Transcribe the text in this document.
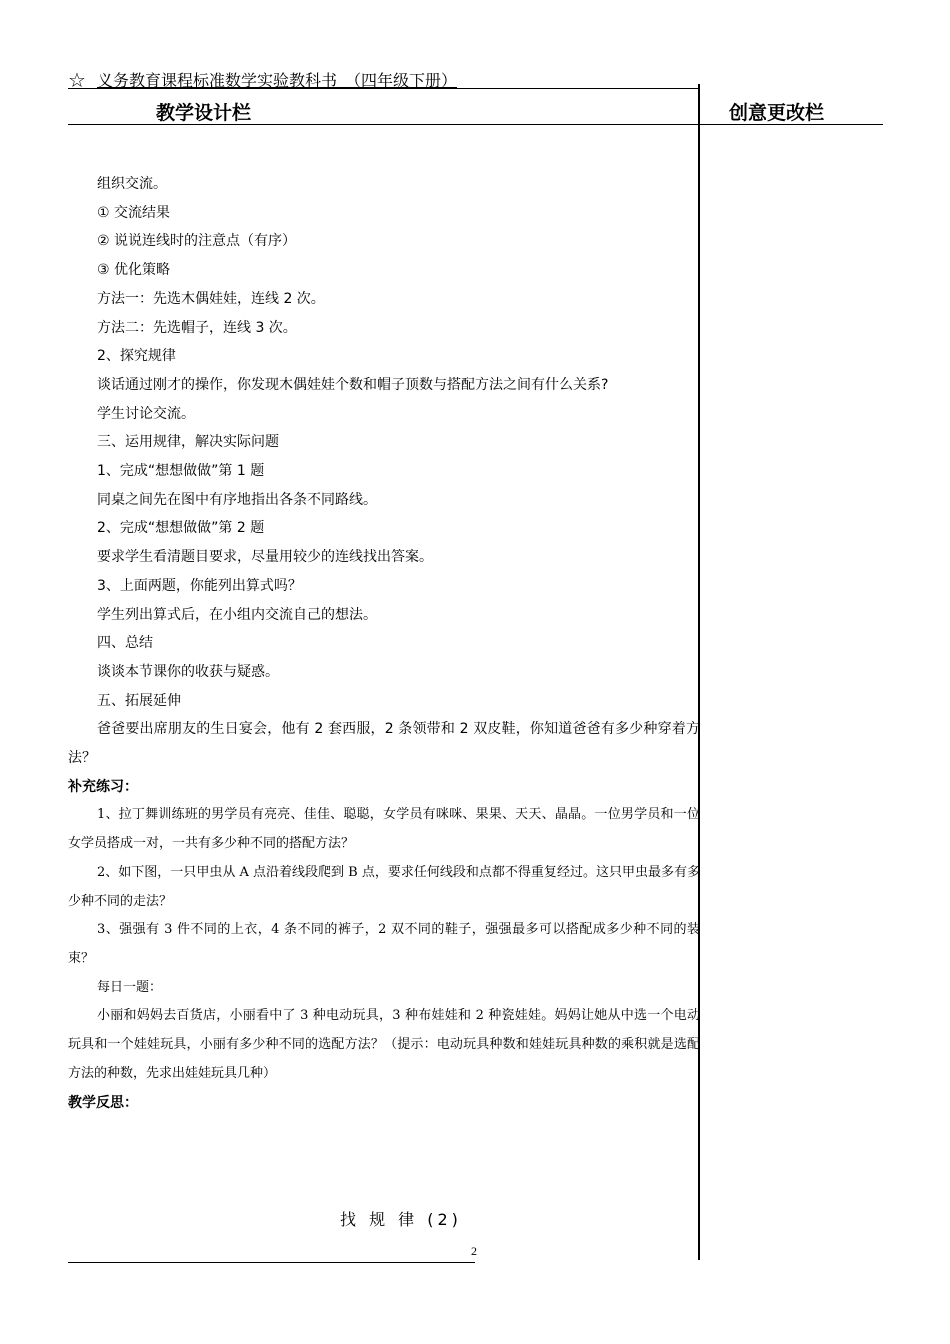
☆ 义务教育课程标准数学实验教科书　（四年级下册）
教学设计栏	创意更改栏

组织交流。

① 交流结果

② 说说连线时的注意点（有序）

③ 优化策略

方法一：先选木偶娃娃，连线 2 次。

方法二：先选帽子，连线 3 次。

2、探究规律

谈话通过刚才的操作，你发现木偶娃娃个数和帽子顶数与搭配方法之间有什么关系?

学生讨论交流。

三、运用规律，解决实际问题

1、完成“想想做做”第 1 题

同桌之间先在图中有序地指出各条不同路线。

2、完成“想想做做”第 2 题

要求学生看清题目要求，尽量用较少的连线找出答案。

3、上面两题，你能列出算式吗？

学生列出算式后，在小组内交流自己的想法。

四、总结

谈谈本节课你的收获与疑惑。

五、拓展延伸

爸爸要出席朋友的生日宴会，他有 2 套西服，2 条领带和 2 双皮鞋，你知道爸爸有多少种穿着方法？

补充练习：

1、拉丁舞训练班的男学员有亮亮、佳佳、聪聪，女学员有咪咪、果果、天天、晶晶。一位男学员和一位女学员搭成一对，一共有多少种不同的搭配方法？

2、如下图，一只甲虫从 A 点沿着线段爬到 B 点，要求任何线段和点都不得重复经过。这只甲虫最多有多少种不同的走法？

3、强强有 3 件不同的上衣，4 条不同的裤子，2 双不同的鞋子，强强最多可以搭配成多少种不同的装束？

每日一题：

小丽和妈妈去百货店，小丽看中了 3 种电动玩具，3 种布娃娃和 2 种瓷娃娃。妈妈让她从中选一个电动玩具和一个娃娃玩具，小丽有多少种不同的选配方法？（提示：电动玩具种数和娃娃玩具种数的乘积就是选配方法的种数，先求出娃娃玩具几种）

教学反思：

找 规 律 (2)
2
